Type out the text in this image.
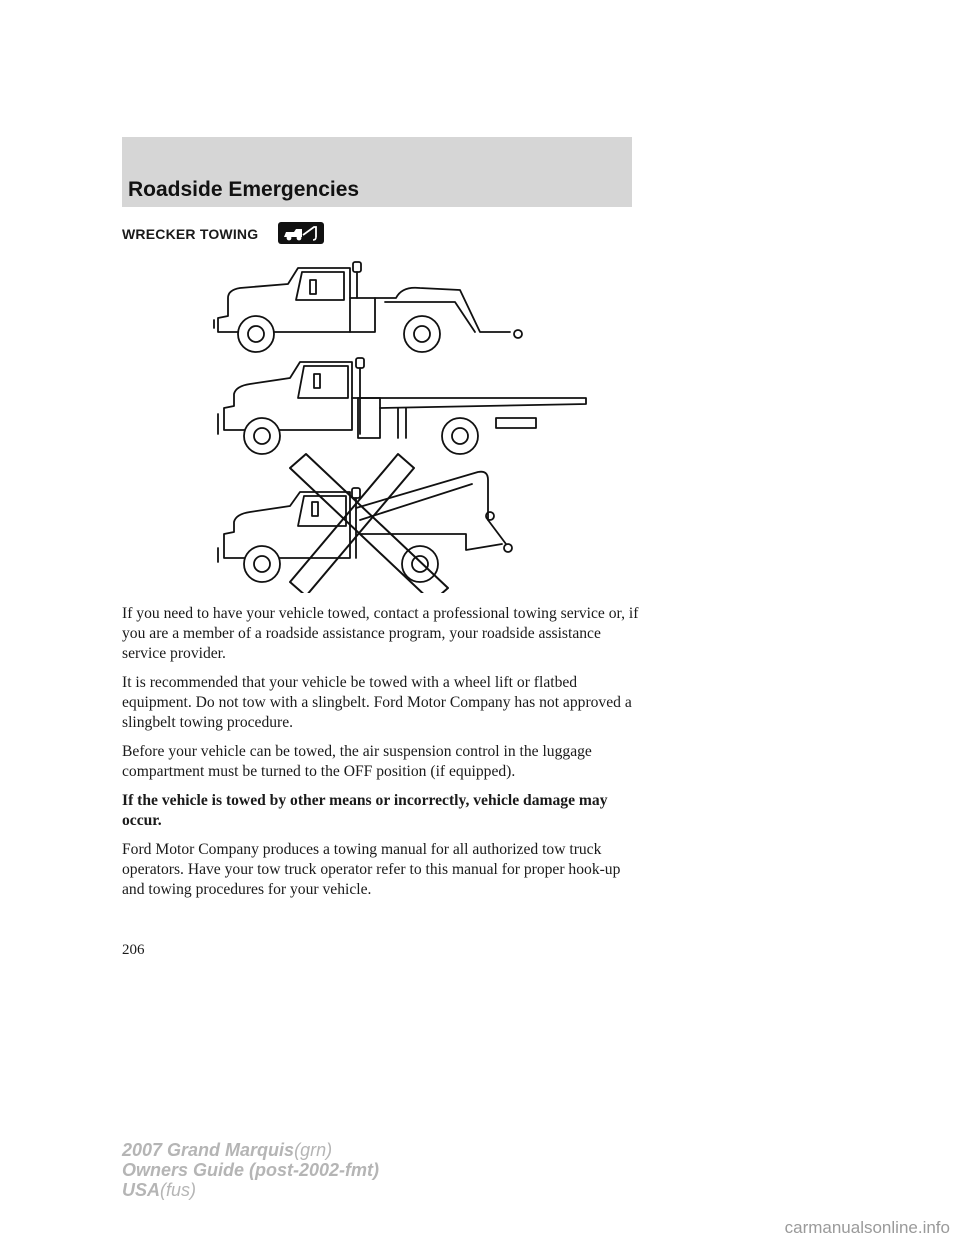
Roadside Emergencies
WRECKER TOWING

If you need to have your vehicle towed, contact a professional towing service or, if you are a member of a roadside assistance program, your roadside assistance service provider.

It is recommended that your vehicle be towed with a wheel lift or flatbed equipment. Do not tow with a slingbelt. Ford Motor Company has not approved a slingbelt towing procedure.

Before your vehicle can be towed, the air suspension control in the luggage compartment must be turned to the OFF position (if equipped).

If the vehicle is towed by other means or incorrectly, vehicle damage may occur.

Ford Motor Company produces a towing manual for all authorized tow truck operators. Have your tow truck operator refer to this manual for proper hook-up and towing procedures for your vehicle.

206
2007 Grand Marquis(grn)
Owners Guide (post-2002-fmt)
USA(fus)
carmanualsonline.info
